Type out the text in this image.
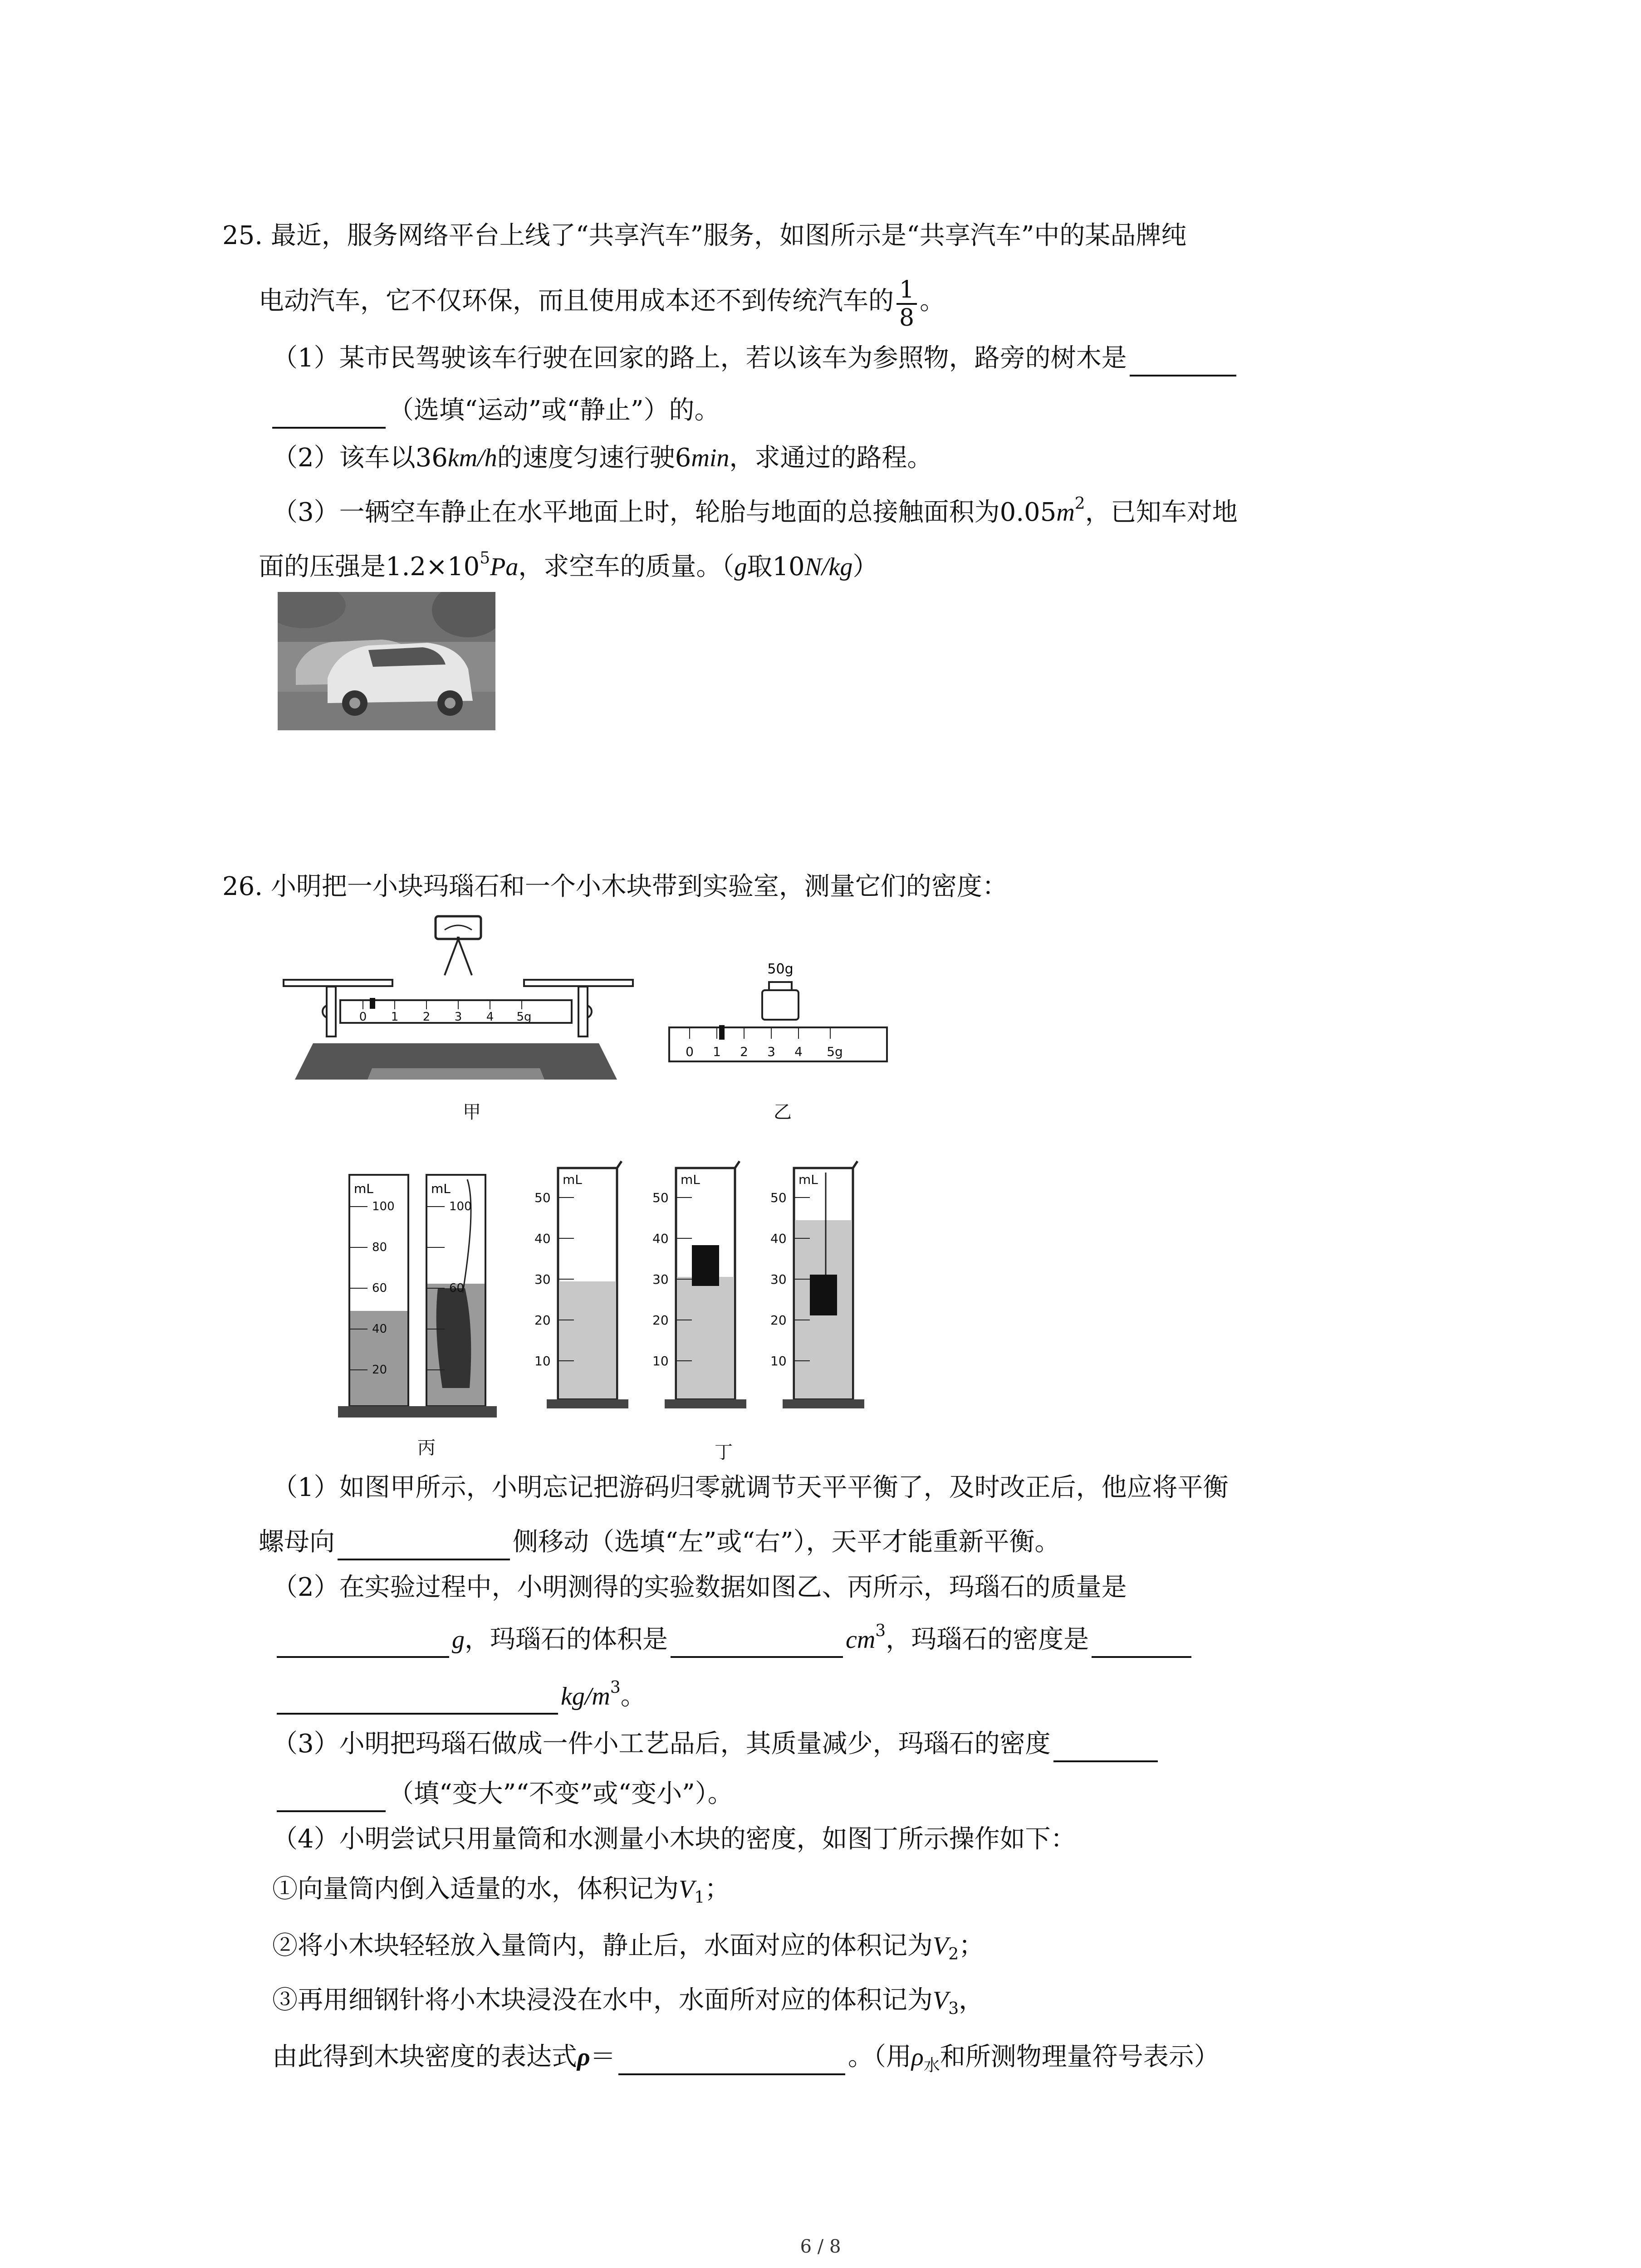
25. 最近，服务网络平台上线了“共享汽车”服务，如图所示是“共享汽车”中的某品牌纯
电动汽车，它不仅环保，而且使用成本还不到传统汽车的 $\frac{1}{8}$ 。
（1）某市民驾驶该车行驶在回家的路上，若以该车为参照物，路旁的树木是
（选填“运动”或“静止”）的。
（2）该车以36km/h的速度匀速行驶6min，求通过的路程。
（3）一辆空车静止在水平地面上时，轮胎与地面的总接触面积为$0.05m^2$，已知车对地
面的压强是$1.2\times 10^5Pa$，求空车的质量。（g取10N/kg）
26. 小明把一小块玛瑙石和一个小木块带到实验室，测量它们的密度：
0 1 2 3 4 5g
甲
50g
0 1 2 3 4 5g
乙
mL	mL
100
80
60
40
20
100
60
丙
mL	mL	mL
50
40
30
20
10
50
40
30
20
10
50
40
30
20
10
丁
（1）如图甲所示，小明忘记把游码归零就调节天平平衡了，及时改正后，他应将平衡
螺母向	侧移动（选填“左”或“右”），天平才能重新平衡。
（2）在实验过程中，小明测得的实验数据如图乙、丙所示，玛瑙石的质量是
g，玛瑙石的体积是	$cm^3$，玛瑙石的密度是
$kg/m^3$。
（3）小明把玛瑙石做成一件小工艺品后，其质量减少，玛瑙石的密度
（填“变大”“不变”或“变小”）。
（4）小明尝试只用量筒和水测量小木块的密度，如图丁所示操作如下：
①向量筒内倒入适量的水，体积记为$V_1$；
②将小木块轻轻放入量筒内，静止后，水面对应的体积记为$V_2$；
③再用细钢针将小木块浸没在水中，水面所对应的体积记为$V_3$，
由此得到木块密度的表达式ρ＝	。（用$\rho_水$和所测物理量符号表示）
6 / 8
